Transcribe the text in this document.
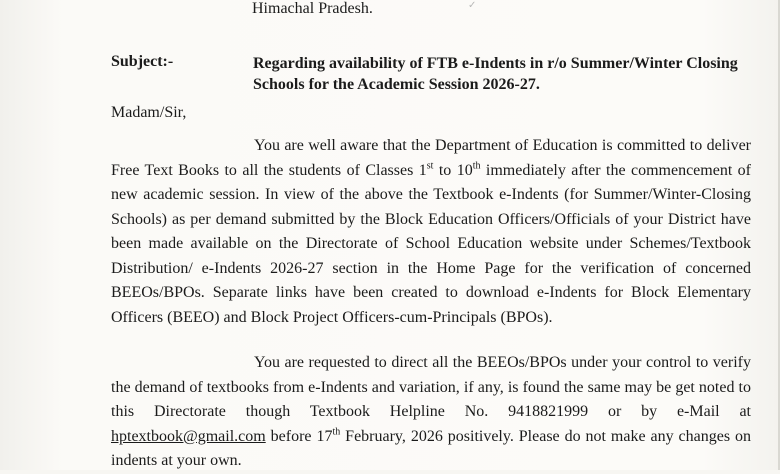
✓
Himachal Pradesh.
Subject:-	Regarding availability of FTB e-Indents in r/o Summer/Winter Closing
Schools for the Academic Session 2026-27.
Madam/Sir,
You are well aware that the Department of Education is committed to deliver Free Text Books to all the students of Classes 1st to 10th immediately after the commencement of new academic session. In view of the above the Textbook e-Indents (for Summer/Winter-Closing Schools) as per demand submitted by the Block Education Officers/Officials of your District have been made available on the Directorate of School Education website under Schemes/Textbook Distribution/ e-Indents 2026-27 section in the Home Page for the verification of concerned BEEOs/BPOs. Separate links have been created to download e-Indents for Block Elementary Officers (BEEO) and Block Project Officers-cum-Principals (BPOs).
You are requested to direct all the BEEOs/BPOs under your control to verify the demand of textbooks from e-Indents and variation, if any, is found the same may be get noted to this Directorate though Textbook Helpline No. 9418821999 or by e-Mail at hptextbook@gmail.com before 17th February, 2026 positively. Please do not make any changes on indents at your own.
